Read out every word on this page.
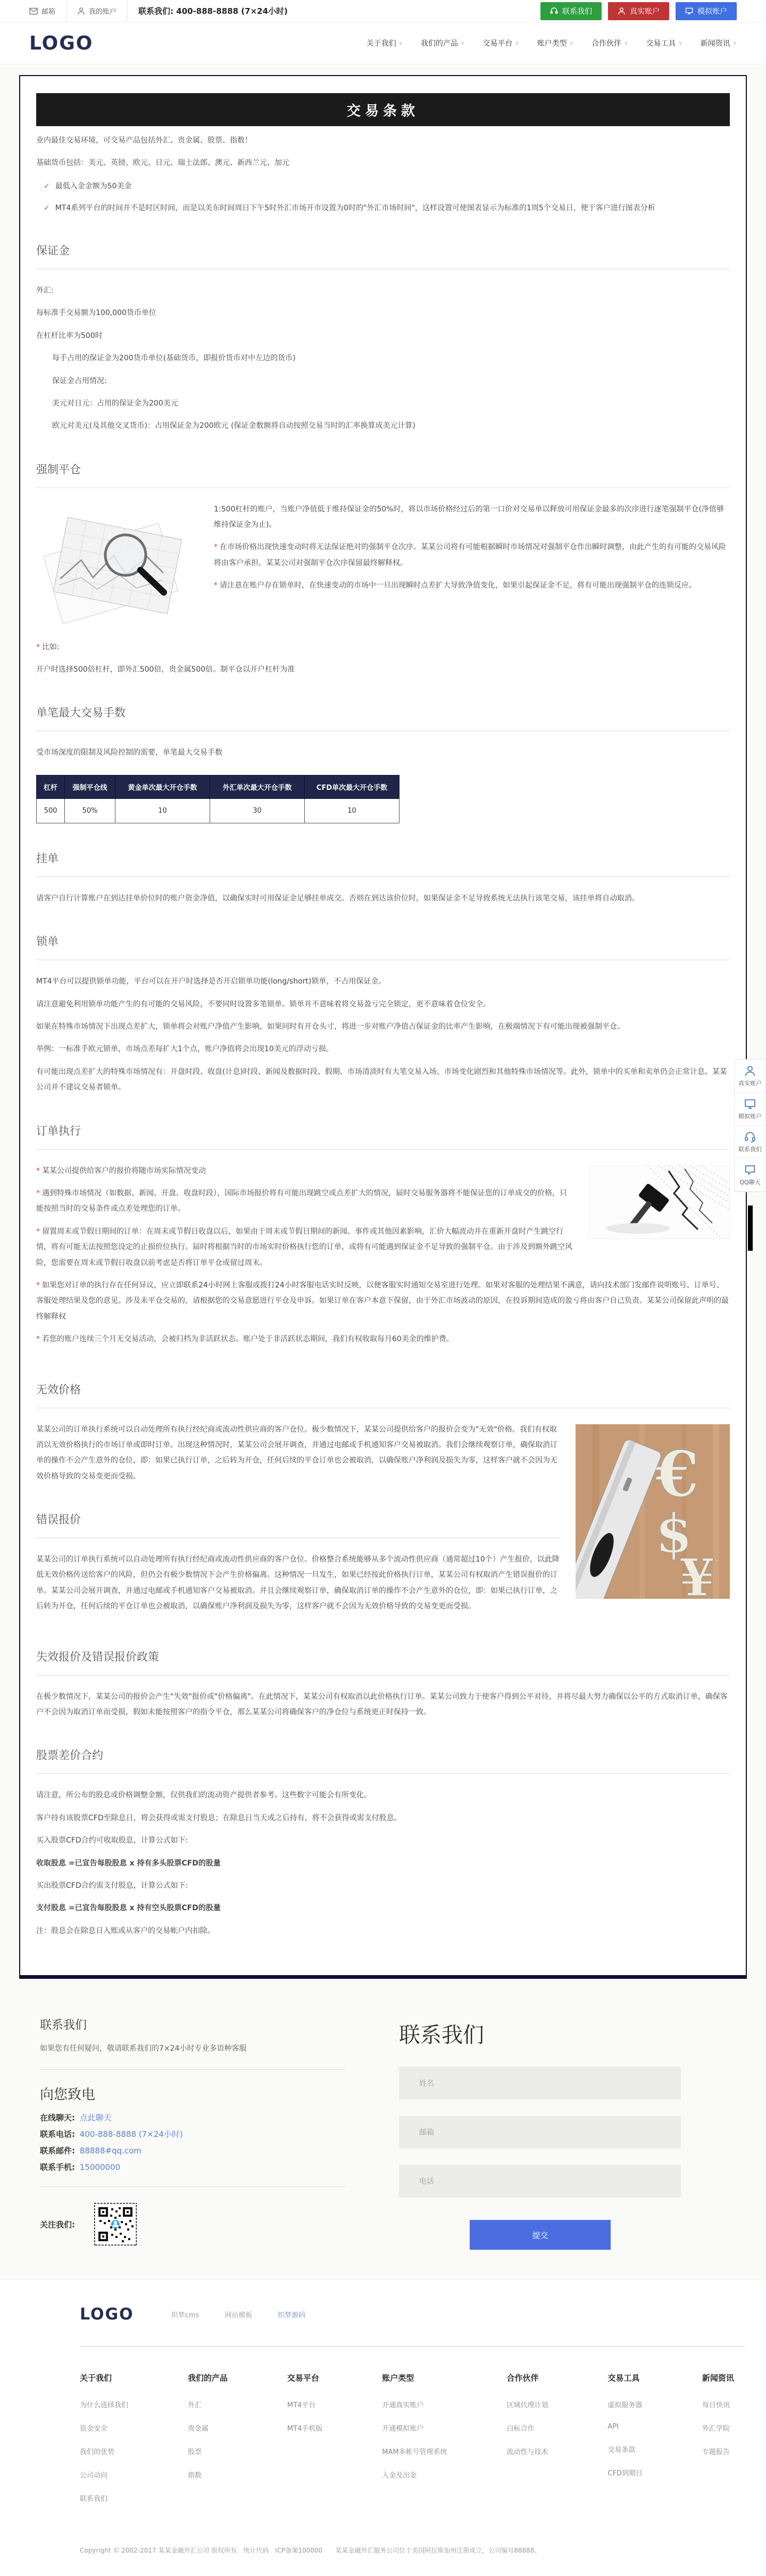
邮箱	我的账户	联系我们: 400-888-8888 (7×24小时)	联系我们	真实账户	模拟账户
LOGO	关于我们 ∨ 我们的产品 ∨ 交易平台 ∨ 账户类型 ∨ 合作伙伴 ∨ 交易工具 ∨ 新闻资讯 ∨
交易条款

业内最佳交易环境，可交易产品包括外汇、贵金属、股票、指数！

基础货币包括：美元、英镑、欧元、日元、瑞士法郎、澳元、新西兰元、加元

✓ 最低入金金额为50美金
✓ MT4系列平台的时间并不是时区时间，而是以美东时间周日下午5时外汇市场开市设置为0时的"外汇市场时间"，这样设置可使图表显示为标准的1周5个交易日，便于客户进行图表分析
保证金

外汇:

每标准手交易额为100,000货币单位

在杠杆比率为500时

每手占用的保证金为200货币单位(基础货币，即报价货币对中左边的货币)

保证金占用情况:

美元对日元：占用的保证金为200美元

欧元对美元(及其他交叉货币)：占用保证金为200欧元 (保证金数额将自动按照交易当时的汇率换算成美元计算)

强制平仓

1:500杠杆的账户，当账户净值低于维持保证金的50%时，将以市场价格经过后的第一口价对交易单以释放可用保证金最多的次序进行逐笔强制平仓(净值够维持保证金为止)。

* 在市场价格出现快速变动时将无法保证绝对的强制平仓次序。某某公司将有可能根据瞬时市场情况对强制平仓作出瞬时调整，由此产生的有可能的交易风险将由客户承担。某某公司对强制平仓次序保留最终解释权。

* 请注意在账户存在锁单时，在快速变动的市场中一旦出现瞬时点差扩大导致净值变化，如果引起保证金不足，将有可能出现强制平仓的连锁反应。

* 比如:

开户时选择500倍杠杆，即外汇500倍，贵金属500倍。制平仓以开户杠杆为准

单笔最大交易手数

受市场深度的限制及风险控制的需要，单笔最大交易手数

杠杆	强制平仓线	黄金单次最大开仓手数	外汇单次最大开仓手数	CFD单次最大开仓手数
500	50%	10	30	10
挂单

请客户自行计算账户在到达挂单价位时的账户资金净值，以确保实时可用保证金足够挂单成交。否则在到达该价位时，如果保证金不足导致系统无法执行该笔交易，该挂单将自动取消。

锁单

MT4平台可以提供锁单功能，平台可以在开户时选择是否开启锁单功能(long/short)锁单，不占用保证金。

请注意避免利用锁单功能产生的有可能的交易风险，不要同时设置多笔锁单。锁单并不意味着将交易盈亏完全锁定，更不意味着仓位安全。

如果在特殊市场情况下出现点差扩大，锁单将会对账户净值产生影响，如果同时有开仓头寸，将进一步对账户净值占保证金的比率产生影响，在极端情况下有可能出现被强制平仓。

举例：一标准手欧元锁单，市场点差每扩大1个点，账户净值将会出现10美元的浮动亏损。

有可能出现点差扩大的特殊市场情况有：开盘时段、收盘(计息)时段、新闻及数据时段、假期、市场清淡时有大笔交易入场、市场变化剧烈和其他特殊市场情况等。此外，锁单中的买单和卖单仍会正常计息。某某公司并不建议交易者锁单。

订单执行

* 某某公司提供给客户的报价将随市场实际情况变动

* 遇到特殊市场情况（如数据、新闻、开盘、收盘时段），国际市场报价将有可能出现跳空或点差扩大的情况，届时交易服务器将不能保证您的订单成交的价格，只能按照当时的交易条件或点差处理您的订单。

* 留置周末或节假日期间的订单：在周末或节假日收盘以后，如果由于周末或节假日期间的新闻、事件或其他因素影响，汇价大幅波动并在重新开盘时产生跳空行情，将有可能无法按照您设定的止损价位执行。届时将根据当时的市场实时价格执行您的订单，或将有可能遇到保证金不足导致的强制平仓。由于涉及到额外跳空风险，您需要在周末或节假日收盘以前考虑是否将订单平仓或留过周末。

* 如果您对订单的执行存在任何异议，应立即联系24小时网上客服或拨打24小时客服电话实时反映，以便客服实时通知交易室进行处理。如果对客服的处理结果不满意，请向技术部门发邮件说明账号、订单号、客服处理结果及您的意见。涉及未平仓交易的，请根据您的交易意愿进行平仓及申诉。如果订单在客户本意下保留，由于外汇市场波动的原因，在投诉期间造成的盈亏将由客户自己负责。某某公司保留此声明的最终解释权

* 若您的账户连续三个月无交易活动，会被归档为非活跃状态。账户处于非活跃状态期间，我们有权收取每月60美金的维护费。

无效价格
€
$
¥

某某公司的订单执行系统可以自动处理所有执行经纪商或流动性供应商的客户仓位。极少数情况下，某某公司提供给客户的报价会变为"无效"价格。我们有权取消以无效价格执行的市场订单或即时订单。出现这种情况时，某某公司会展开调查，并通过电邮或手机通知客户交易被取消。我们会继续观察订单，确保取消订单的操作不会产生意外的仓位，即：如果已执行订单，之后转为开仓，任何后续的平仓订单也会被取消，以确保账户净利润及损失为零，这样客户就不会因为无效价格导致的交易变更而受损。

错误报价

某某公司的订单执行系统可以自动处理所有执行经纪商或流动性供应商的客户仓位。价格整合系统能够从多个流动性供应商（通常超过10个）产生报价，以此降低无效价格传送给客户的风险，但仍会有极少数情况下会产生价格偏离。这种情况一旦发生，如果已经按此价格执行订单，某某公司有权取消产生错误报价的订单。某某公司会展开调查，并通过电邮或手机通知客户交易被取消。并且会继续观察订单，确保取消订单的操作不会产生意外的仓位，即：如果已执行订单，之后转为开仓，任何后续的平仓订单也会被取消，以确保账户净利润及损失为零，这样客户就不会因为无效价格导致的交易变更而受损。

失效报价及错误报价政策

在极少数情况下，某某公司的报价会产生"失效"报价或"价格偏离"。在此情况下，某某公司有权取消以此价格执行订单。某某公司致力于使客户得到公平对待，并将尽最大努力确保以公平的方式取消订单，确保客户不会因为取消订单而受损，假如未能按照客户的指令平仓，那么某某公司将确保客户的净仓位与系统更正时保持一致。

股票差价合约

请注意，所公布的股息或价格调整金额，仅供我们的流动资产提供者参考。这些数字可能会有所变化。

客户持有该股票CFD至除息日，将会获得或需支付股息；在除息日当天或之后持有，将不会获得或需支付股息。

买入股票CFD合约可收取股息，计算公式如下:

收取股息 =已宣告每股股息 x 持有多头股票CFD的股量

买出股票CFD合约需支付股息，计算公式如下:

支付股息 =已宣告每股股息 x 持有空头股票CFD的股量

注：股息会在除息日入账或从客户的交易帐户内扣除。

真实账户
模拟账户
联系我们
QQ聊天
联系我们

如果您有任何疑问，敬请联系我们的7×24小时专业多语种客服

向您致电

在线聊天: 点此聊天

联系电话: 400-888-8888 (7×24小时)

联系邮件: 88888#qq.com

联系手机: 15000000

关注我们:
联系我们
姓名
邮箱
电话
提交
LOGO	织梦cms	网站模板	织梦源码
关于我们
为什么选择我们
资金安全
我们的优势
公司动向
联系我们
我们的产品
外汇
贵金属
股票
指数
交易平台
MT4平台
MT4手机版
账户类型
开通真实账户
开通模拟账户
MAM多帐号管理系统
入金及出金
合作伙伴
区域代理计划
白标合作
流动性与技术
交易工具
虚拟服务器
API
交易条款
CFD到期日
新闻资讯
每日快讯
外汇学院
专题报告

Copyright © 2002-2017 某某金融外汇公司 版权所有　统计代码　ICP备案100000　　某某金融外汇服务公司位于美国阿拉斯加州注册成立，公司编号88888。
